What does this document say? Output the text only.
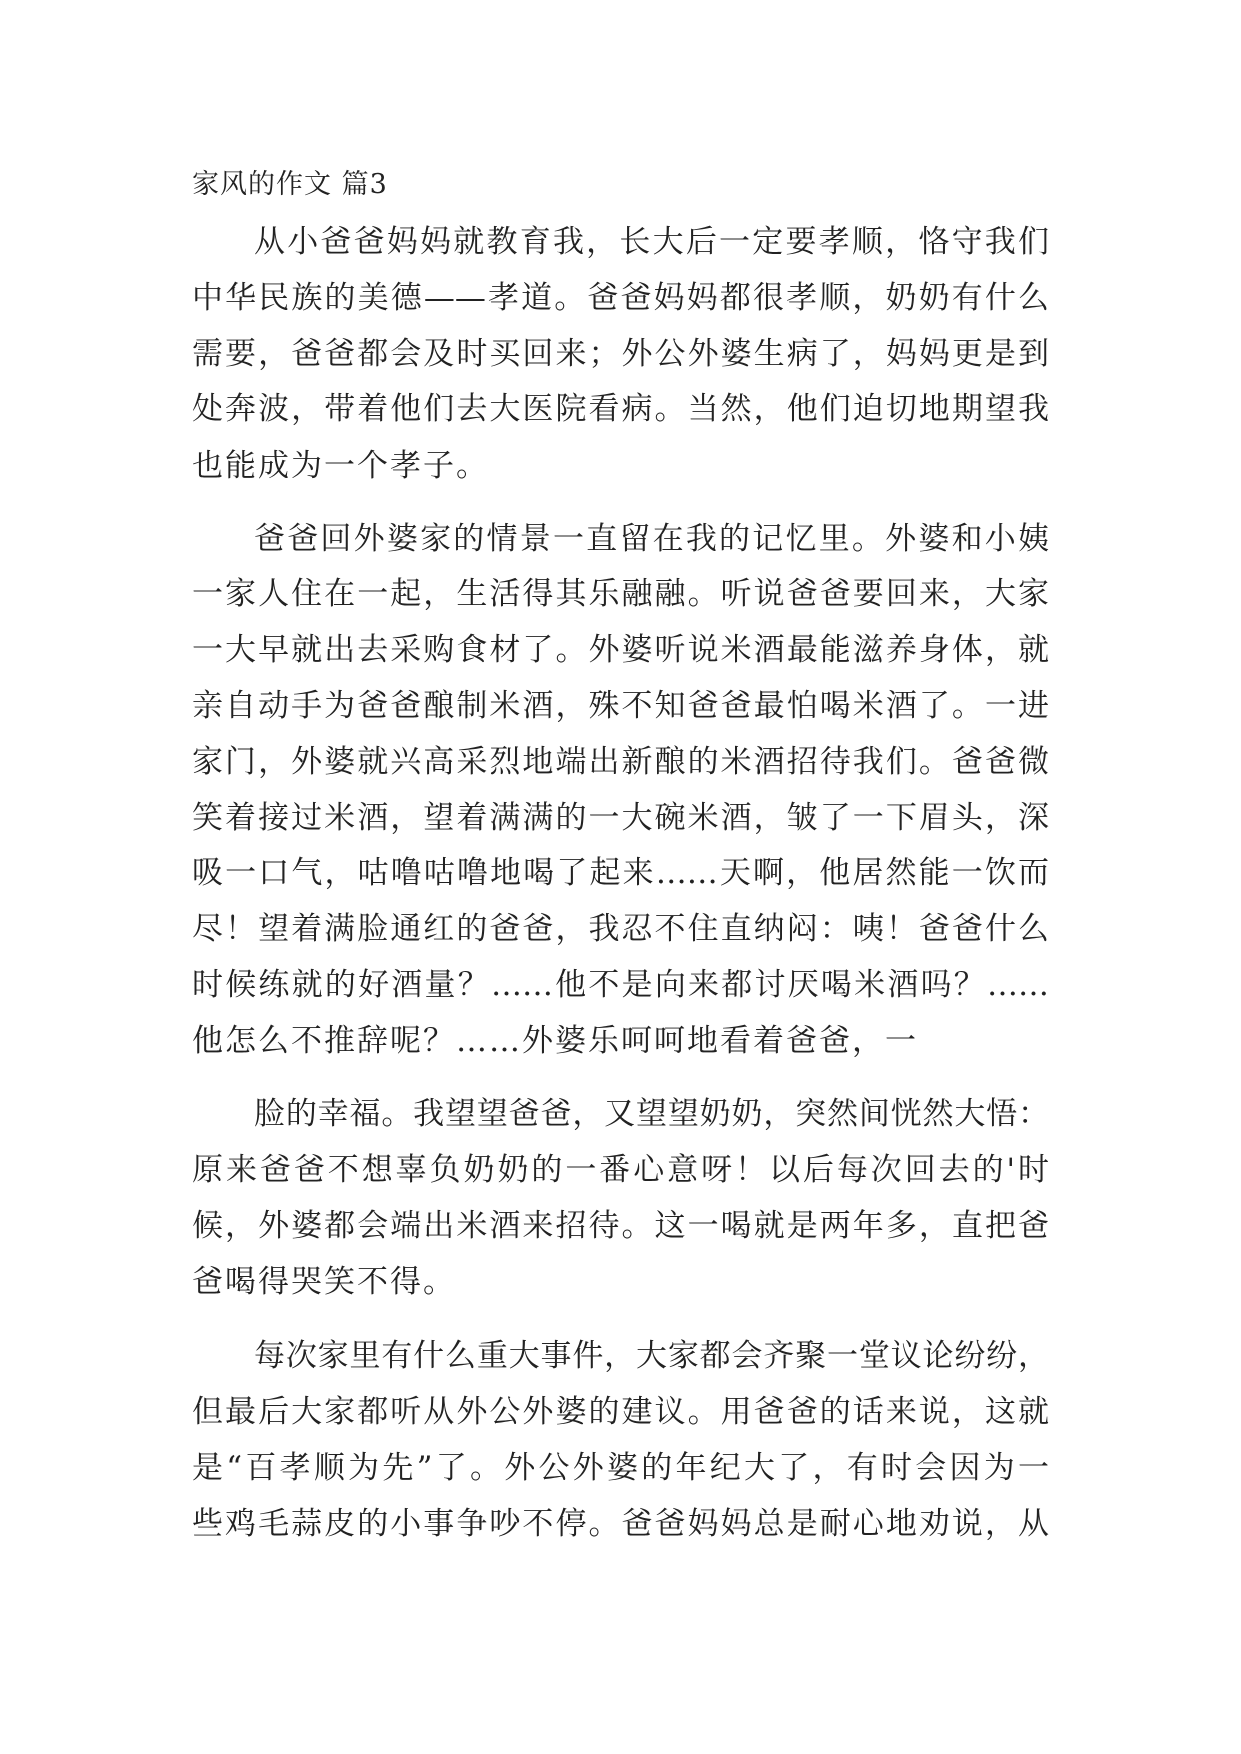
家风的作文 篇3
从小爸爸妈妈就教育我，长大后一定要孝顺，恪守我们
中华民族的美德——孝道。爸爸妈妈都很孝顺，奶奶有什么
需要，爸爸都会及时买回来；外公外婆生病了，妈妈更是到
处奔波，带着他们去大医院看病。当然，他们迫切地期望我
也能成为一个孝子。
爸爸回外婆家的情景一直留在我的记忆里。外婆和小姨
一家人住在一起，生活得其乐融融。听说爸爸要回来，大家
一大早就出去采购食材了。外婆听说米酒最能滋养身体，就
亲自动手为爸爸酿制米酒，殊不知爸爸最怕喝米酒了。一进
家门，外婆就兴高采烈地端出新酿的米酒招待我们。爸爸微
笑着接过米酒，望着满满的一大碗米酒，皱了一下眉头，深
吸一口气，咕噜咕噜地喝了起来……天啊，他居然能一饮而
尽！望着满脸通红的爸爸，我忍不住直纳闷：咦！爸爸什么
时候练就的好酒量？……他不是向来都讨厌喝米酒吗？……
他怎么不推辞呢？……外婆乐呵呵地看着爸爸，一
脸的幸福。我望望爸爸，又望望奶奶，突然间恍然大悟：
原来爸爸不想辜负奶奶的一番心意呀！以后每次回去的'时
候，外婆都会端出米酒来招待。这一喝就是两年多，直把爸
爸喝得哭笑不得。
每次家里有什么重大事件，大家都会齐聚一堂议论纷纷，
但最后大家都听从外公外婆的建议。用爸爸的话来说，这就
是“百孝顺为先”了。外公外婆的年纪大了，有时会因为一
些鸡毛蒜皮的小事争吵不停。爸爸妈妈总是耐心地劝说，从
